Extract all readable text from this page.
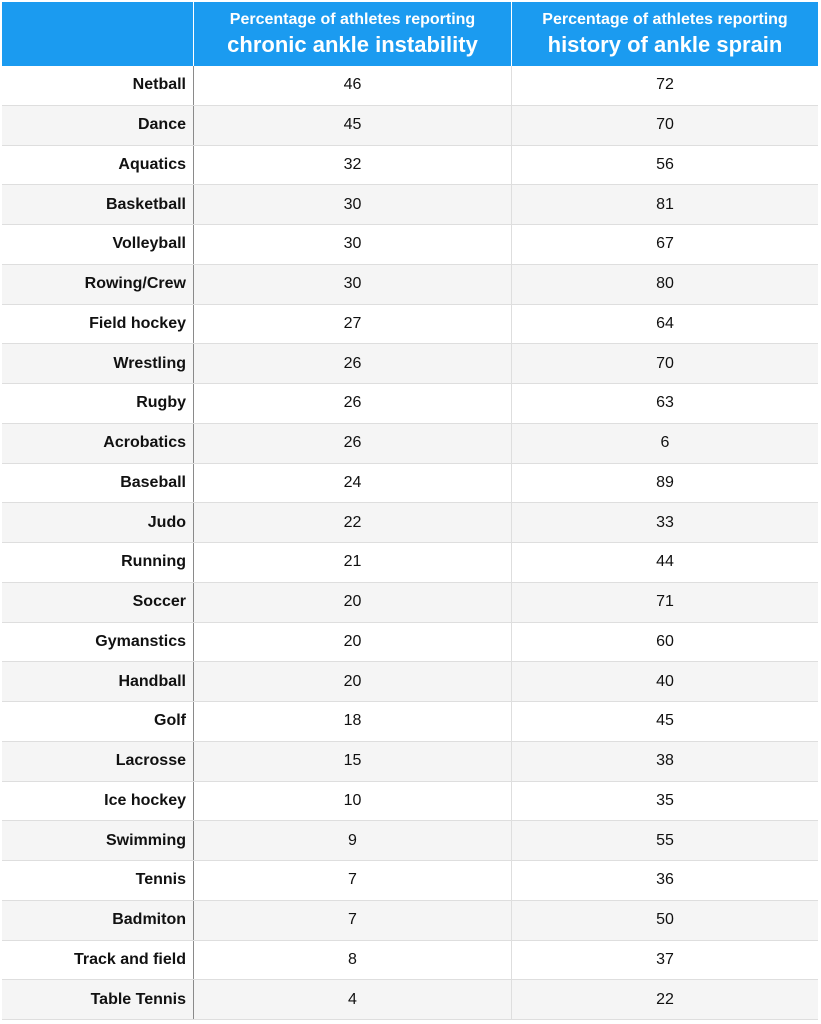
Percentage of athletes reporting
chronic ankle instability
Percentage of athletes reporting
history of ankle sprain
Netball	46	72
Dance	45	70
Aquatics	32	56
Basketball	30	81
Volleyball	30	67
Rowing/Crew	30	80
Field hockey	27	64
Wrestling	26	70
Rugby	26	63
Acrobatics	26	6
Baseball	24	89
Judo	22	33
Running	21	44
Soccer	20	71
Gymanstics	20	60
Handball	20	40
Golf	18	45
Lacrosse	15	38
Ice hockey	10	35
Swimming	9	55
Tennis	7	36
Badmiton	7	50
Track and field	8	37
Table Tennis	4	22
